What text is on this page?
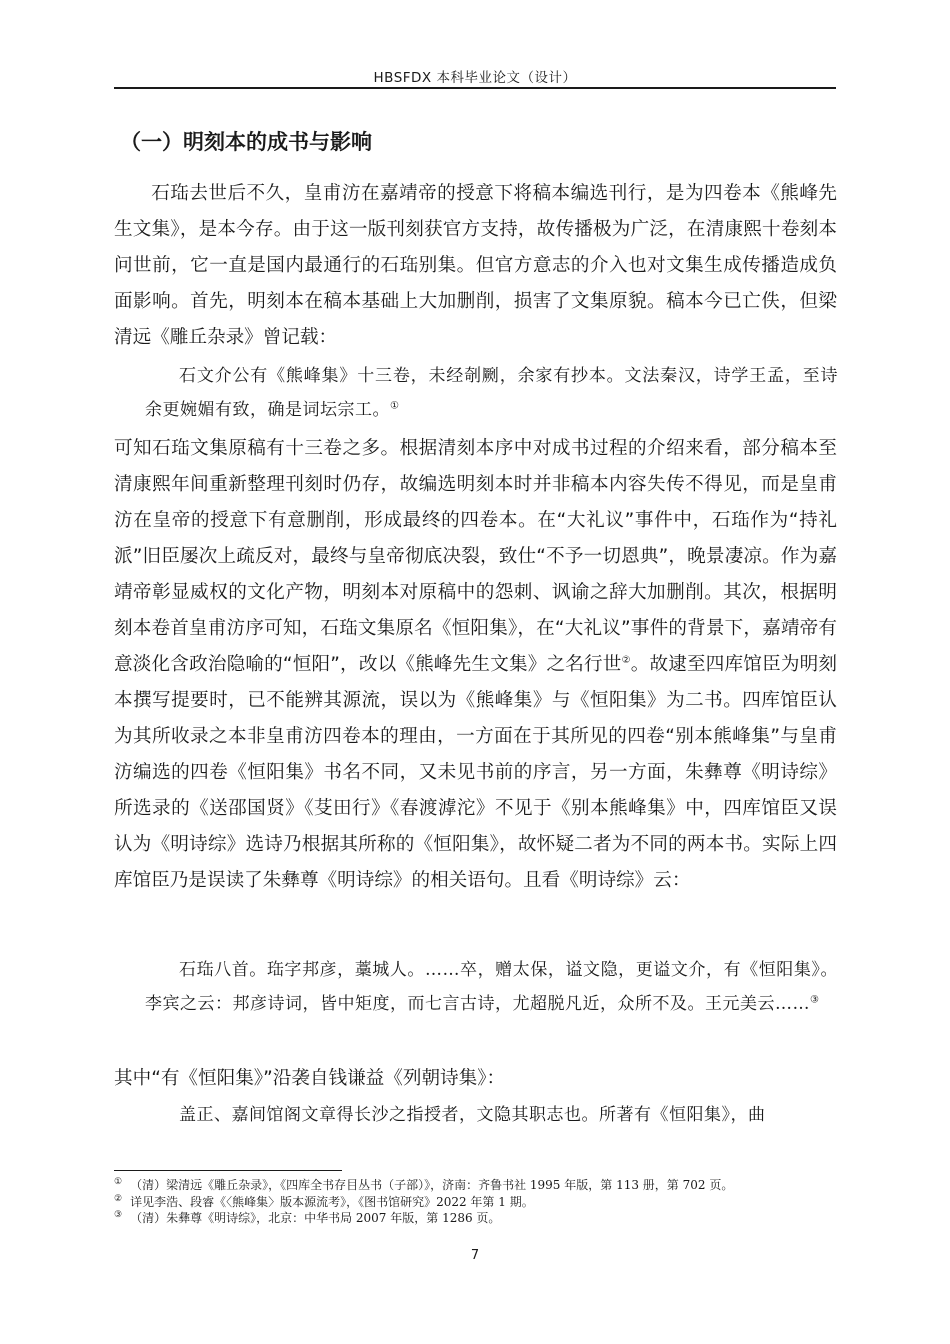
HBSFDX 本科毕业论文（设计）
（一）明刻本的成书与影响

石珤去世后不久，皇甫汸在嘉靖帝的授意下将稿本编选刊行，是为四卷本《熊峰先生文集》，是本今存。由于这一版刊刻获官方支持，故传播极为广泛，在清康熙十卷刻本问世前，它一直是国内最通行的石珤别集。但官方意志的介入也对文集生成传播造成负面影响。首先，明刻本在稿本基础上大加删削，损害了文集原貌。稿本今已亡佚，但梁清远《雕丘杂录》曾记载：

石文介公有《熊峰集》十三卷，未经剞劂，余家有抄本。文法秦汉，诗学王孟，至诗余更婉媚有致，确是词坛宗工。①

可知石珤文集原稿有十三卷之多。根据清刻本序中对成书过程的介绍来看，部分稿本至清康熙年间重新整理刊刻时仍存，故编选明刻本时并非稿本内容失传不得见，而是皇甫汸在皇帝的授意下有意删削，形成最终的四卷本。在“大礼议”事件中，石珤作为“持礼派”旧臣屡次上疏反对，最终与皇帝彻底决裂，致仕“不予一切恩典”，晚景凄凉。作为嘉靖帝彰显威权的文化产物，明刻本对原稿中的怨刺、讽谕之辞大加删削。其次，根据明刻本卷首皇甫汸序可知，石珤文集原名《恒阳集》，在“大礼议”事件的背景下，嘉靖帝有意淡化含政治隐喻的“恒阳”，改以《熊峰先生文集》之名行世②。故逮至四库馆臣为明刻本撰写提要时，已不能辨其源流，误以为《熊峰集》与《恒阳集》为二书。四库馆臣认为其所收录之本非皇甫汸四卷本的理由，一方面在于其所见的四卷“别本熊峰集”与皇甫汸编选的四卷《恒阳集》书名不同，又未见书前的序言，另一方面，朱彝尊《明诗综》所选录的《送邵国贤》《芟田行》《春渡滹沱》不见于《别本熊峰集》中，四库馆臣又误认为《明诗综》选诗乃根据其所称的《恒阳集》，故怀疑二者为不同的两本书。实际上四库馆臣乃是误读了朱彝尊《明诗综》的相关语句。且看《明诗综》云：

石珤八首。珤字邦彦，藁城人。……卒，赠太保，谥文隐，更谥文介，有《恒阳集》。李宾之云：邦彦诗词，皆中矩度，而七言古诗，尤超脱凡近，众所不及。王元美云……③

其中“有《恒阳集》”沿袭自钱谦益《列朝诗集》：

盖正、嘉间馆阁文章得长沙之指授者，文隐其职志也。所著有《恒阳集》，曲

① （清）梁清远《雕丘杂录》，《四库全书存目丛书（子部）》，济南：齐鲁书社 1995 年版，第 113 册，第 702 页。

② 详见李浩、段睿《〈熊峰集〉版本源流考》，《图书馆研究》2022 年第 1 期。

③ （清）朱彝尊《明诗综》，北京：中华书局 2007 年版，第 1286 页。

7
